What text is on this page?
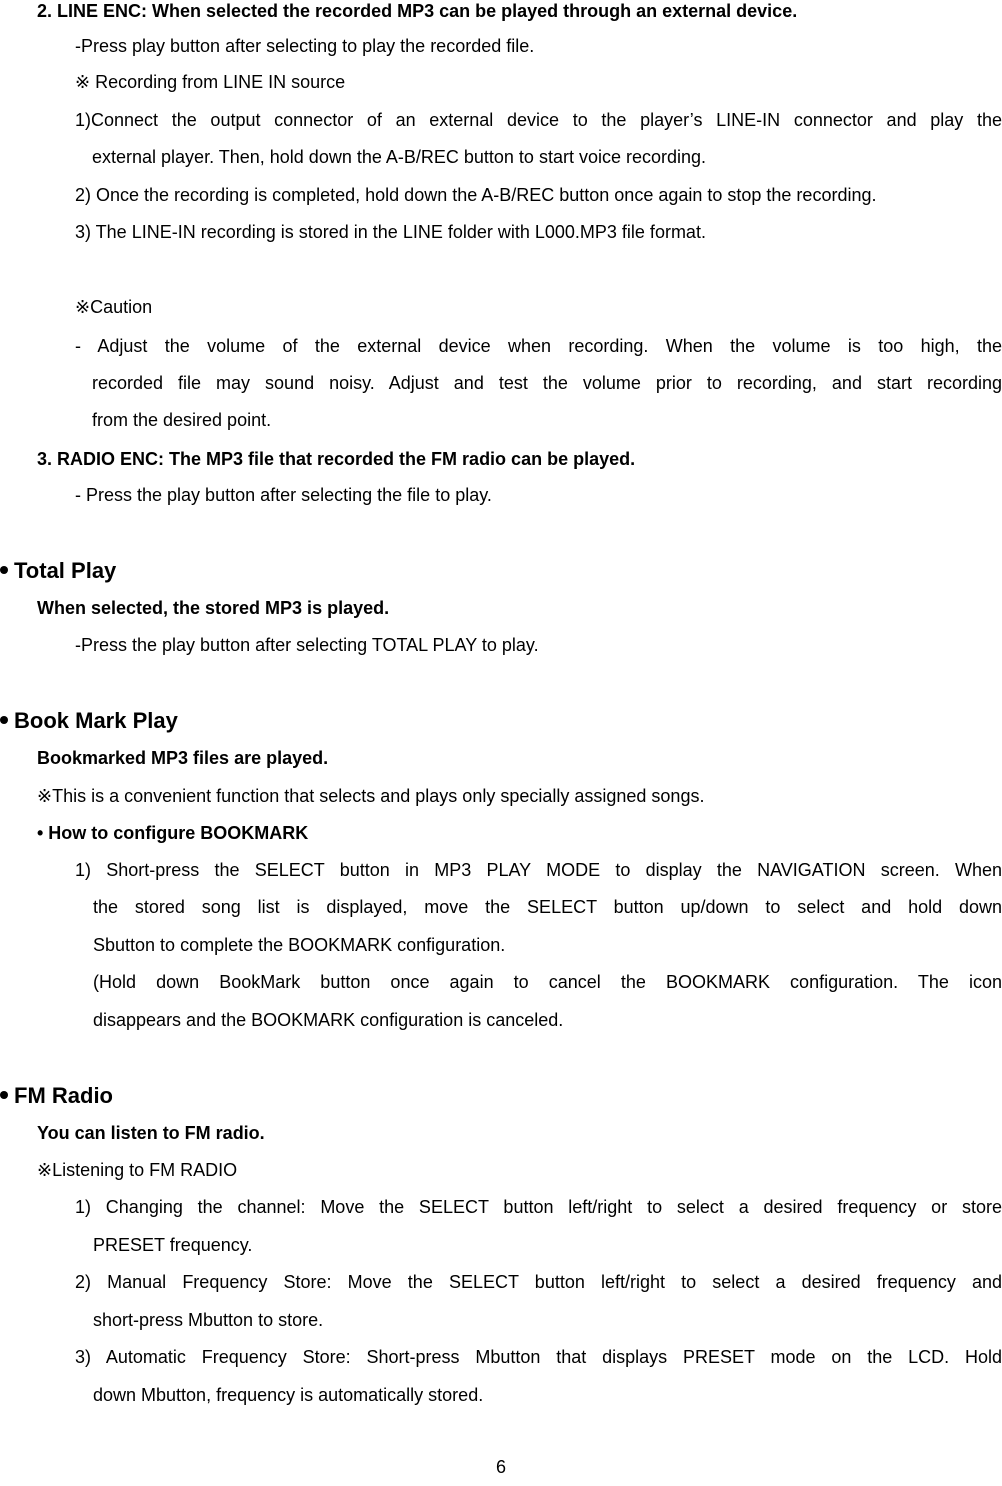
2. LINE ENC: When selected the recorded MP3 can be played through an external device.
-Press play button after selecting to play the recorded file.
※ Recording from LINE IN source
1)Connect the output connector of an external device to the player’s LINE-IN connector and play the
external player. Then, hold down the A-B/REC button to start voice recording.
2) Once the recording is completed, hold down the A-B/REC button once again to stop the recording.
3) The LINE-IN recording is stored in the LINE folder with L000.MP3 file format.
※Caution
- Adjust the volume of the external device when recording. When the volume is too high, the
recorded file may sound noisy. Adjust and test the volume prior to recording, and start recording
from the desired point.
3. RADIO ENC: The MP3 file that recorded the FM radio can be played.
- Press the play button after selecting the file to play.
Total Play
When selected, the stored MP3 is played.
-Press the play button after selecting TOTAL PLAY to play.
Book Mark Play
Bookmarked MP3 files are played.
※This is a convenient function that selects and plays only specially assigned songs.
• How to configure BOOKMARK
1) Short-press the SELECT button in MP3 PLAY MODE to display the NAVIGATION screen. When
the stored song list is displayed, move the SELECT button up/down to select and hold down
Sbutton to complete the BOOKMARK configuration.
(Hold down BookMark button once again to cancel the BOOKMARK configuration. The icon
disappears and the BOOKMARK configuration is canceled.
FM Radio
You can listen to FM radio.
※Listening to FM RADIO
1) Changing the channel: Move the SELECT button left/right to select a desired frequency or store
PRESET frequency.
2) Manual Frequency Store: Move the SELECT button left/right to select a desired frequency and
short-press Mbutton to store.
3) Automatic Frequency Store: Short-press Mbutton that displays PRESET mode on the LCD. Hold
down Mbutton, frequency is automatically stored.
6
